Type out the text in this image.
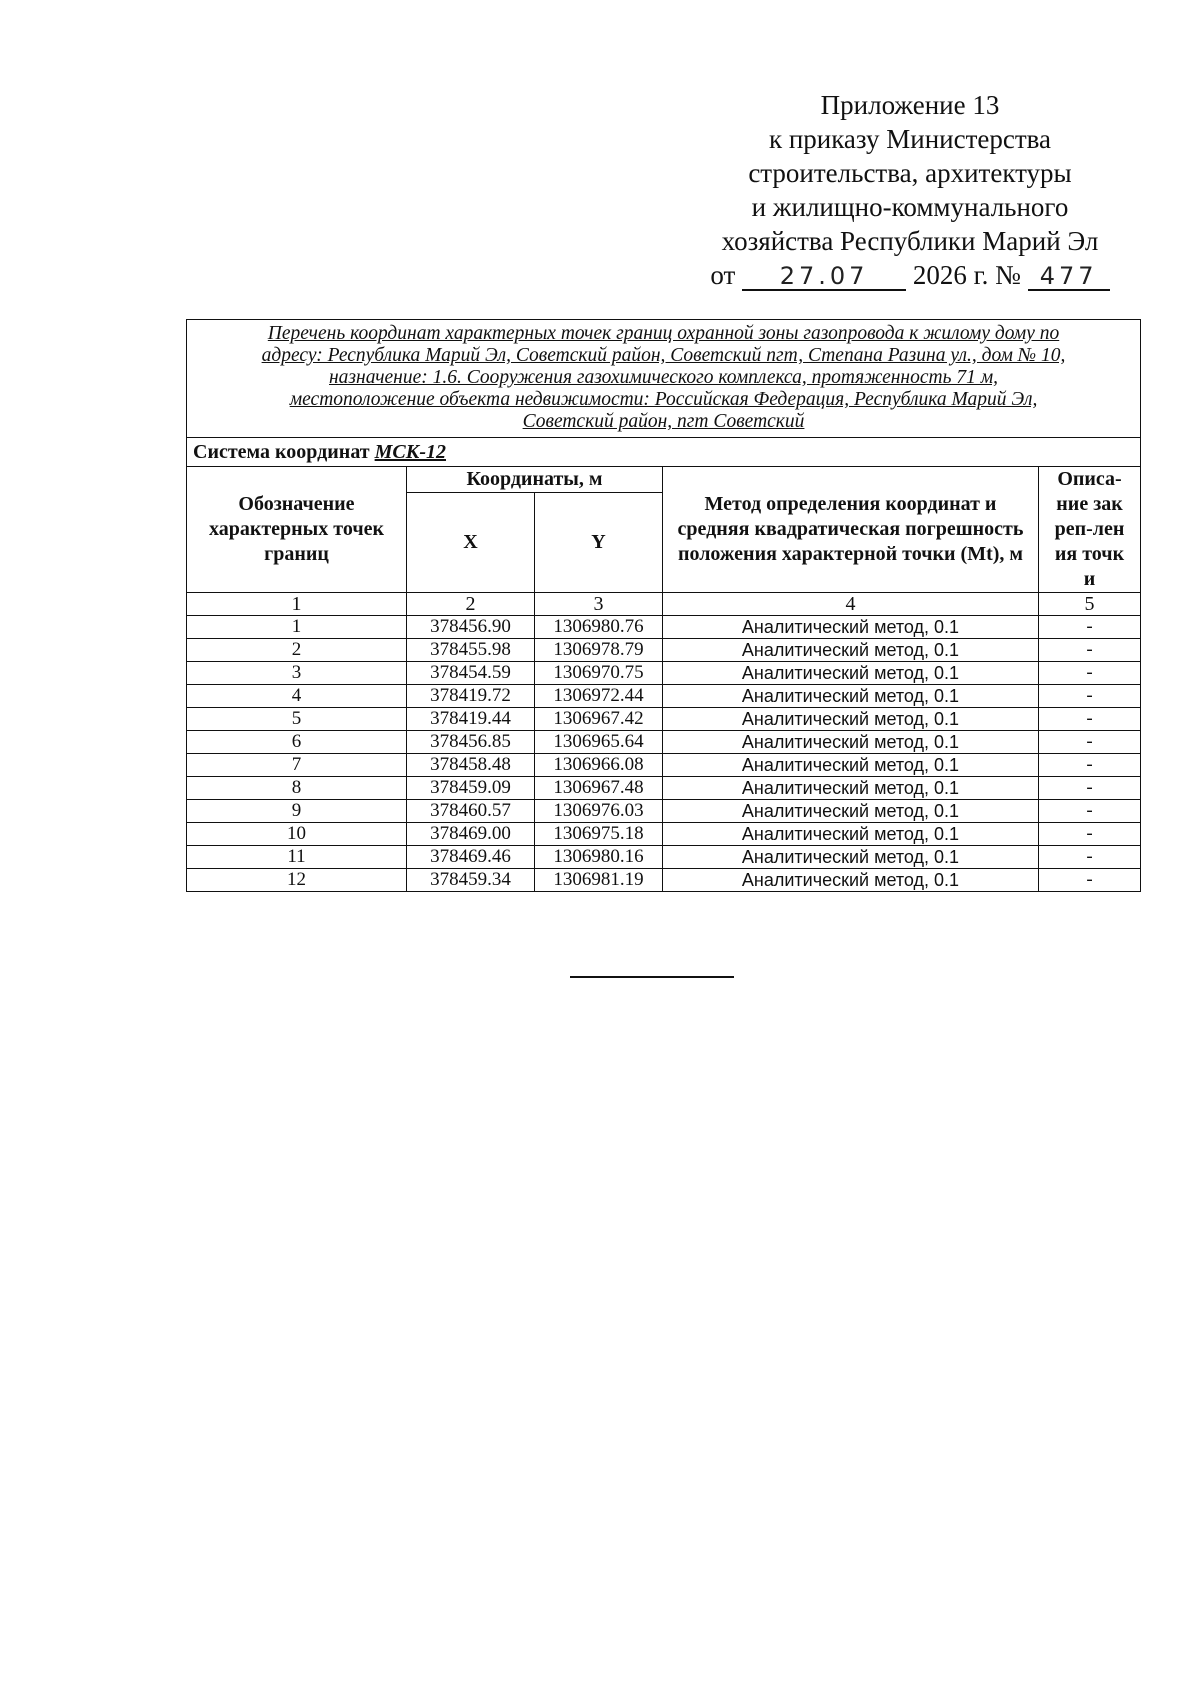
Приложение 13
к приказу Министерства
строительства, архитектуры
и жилищно-коммунального
хозяйства Республики Марий Эл
от 27.07 2026 г. № 477
Перечень координат характерных точек границ охранной зоны газопровода к жилому дому по
адресу: Республика Марий Эл, Советский район, Советский пгт, Степана Разина ул., дом № 10,
назначение: 1.6. Сооружения газохимического комплекса, протяженность 71 м,
местоположение объекта недвижимости: Российская Федерация, Республика Марий Эл,
Советский район, пгт Советский				
Система координат МСК-12				
Обозначение характерных точек границ	Координаты, м		Метод определения координат и средняя квадратическая погрешность положения характерной точки (Mt), м	Описа-ние закреп-ления точки
	X	Y		
1	2	3	4	5
1	378456.90	1306980.76	Аналитический метод, 0.1	-
2	378455.98	1306978.79	Аналитический метод, 0.1	-
3	378454.59	1306970.75	Аналитический метод, 0.1	-
4	378419.72	1306972.44	Аналитический метод, 0.1	-
5	378419.44	1306967.42	Аналитический метод, 0.1	-
6	378456.85	1306965.64	Аналитический метод, 0.1	-
7	378458.48	1306966.08	Аналитический метод, 0.1	-
8	378459.09	1306967.48	Аналитический метод, 0.1	-
9	378460.57	1306976.03	Аналитический метод, 0.1	-
10	378469.00	1306975.18	Аналитический метод, 0.1	-
11	378469.46	1306980.16	Аналитический метод, 0.1	-
12	378459.34	1306981.19	Аналитический метод, 0.1	-
